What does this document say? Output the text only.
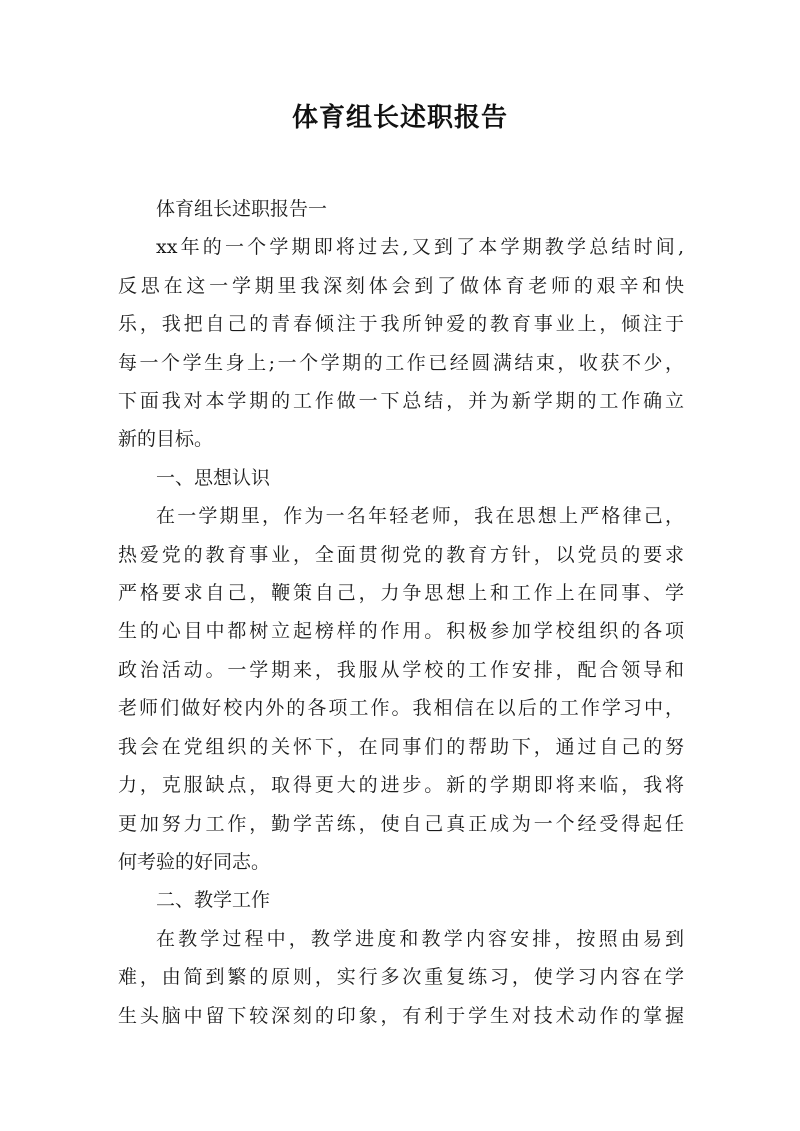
体育组长述职报告

体育组长述职报告一

xx年的一个学期即将过去,又到了本学期教学总结时间,

反思在这一学期里我深刻体会到了做体育老师的艰辛和快

乐，我把自己的青春倾注于我所钟爱的教育事业上，倾注于

每一个学生身上;一个学期的工作已经圆满结束，收获不少，

下面我对本学期的工作做一下总结，并为新学期的工作确立

新的目标。

一、思想认识

在一学期里，作为一名年轻老师，我在思想上严格律己，

热爱党的教育事业，全面贯彻党的教育方针，以党员的要求

严格要求自己，鞭策自己，力争思想上和工作上在同事、学

生的心目中都树立起榜样的作用。积极参加学校组织的各项

政治活动。一学期来，我服从学校的工作安排，配合领导和

老师们做好校内外的各项工作。我相信在以后的工作学习中，

我会在党组织的关怀下，在同事们的帮助下，通过自己的努

力，克服缺点，取得更大的进步。新的学期即将来临，我将

更加努力工作，勤学苦练，使自己真正成为一个经受得起任

何考验的好同志。

二、教学工作

在教学过程中，教学进度和教学内容安排，按照由易到

难，由简到繁的原则，实行多次重复练习，使学习内容在学

生头脑中留下较深刻的印象，有利于学生对技术动作的掌握
